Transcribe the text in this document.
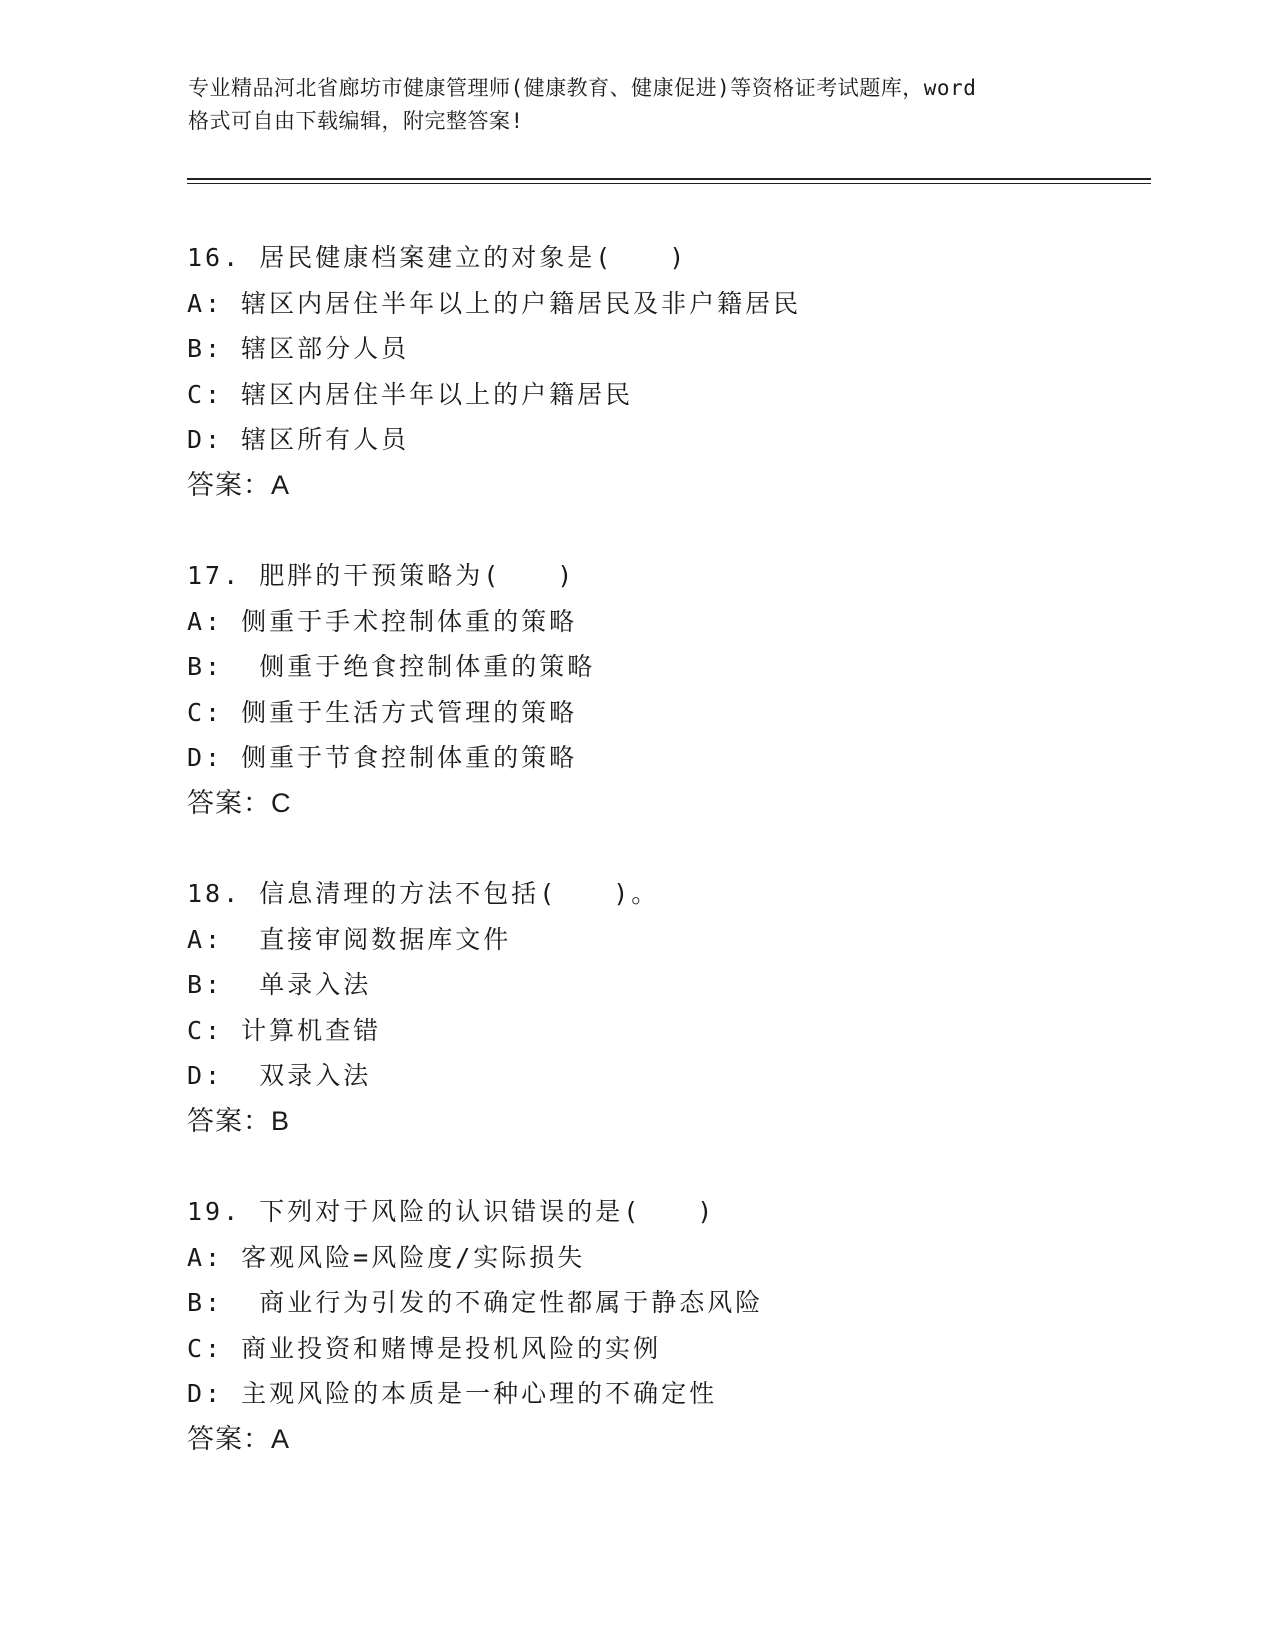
专业精品河北省廊坊市健康管理师(健康教育、健康促进)等资格证考试题库，word
格式可自由下载编辑，附完整答案!
16. 居民健康档案建立的对象是(　　)
A: 辖区内居住半年以上的户籍居民及非户籍居民
B: 辖区部分人员
C: 辖区内居住半年以上的户籍居民
D: 辖区所有人员
答案：A
17. 肥胖的干预策略为(　　)
A: 侧重于手术控制体重的策略
B:  侧重于绝食控制体重的策略
C: 侧重于生活方式管理的策略
D: 侧重于节食控制体重的策略
答案：C
18. 信息清理的方法不包括(　　)。
A:  直接审阅数据库文件
B:  单录入法
C: 计算机查错
D:  双录入法
答案：B
19. 下列对于风险的认识错误的是(　　)
A: 客观风险=风险度/实际损失
B:  商业行为引发的不确定性都属于静态风险
C: 商业投资和赌博是投机风险的实例
D: 主观风险的本质是一种心理的不确定性
答案：A
